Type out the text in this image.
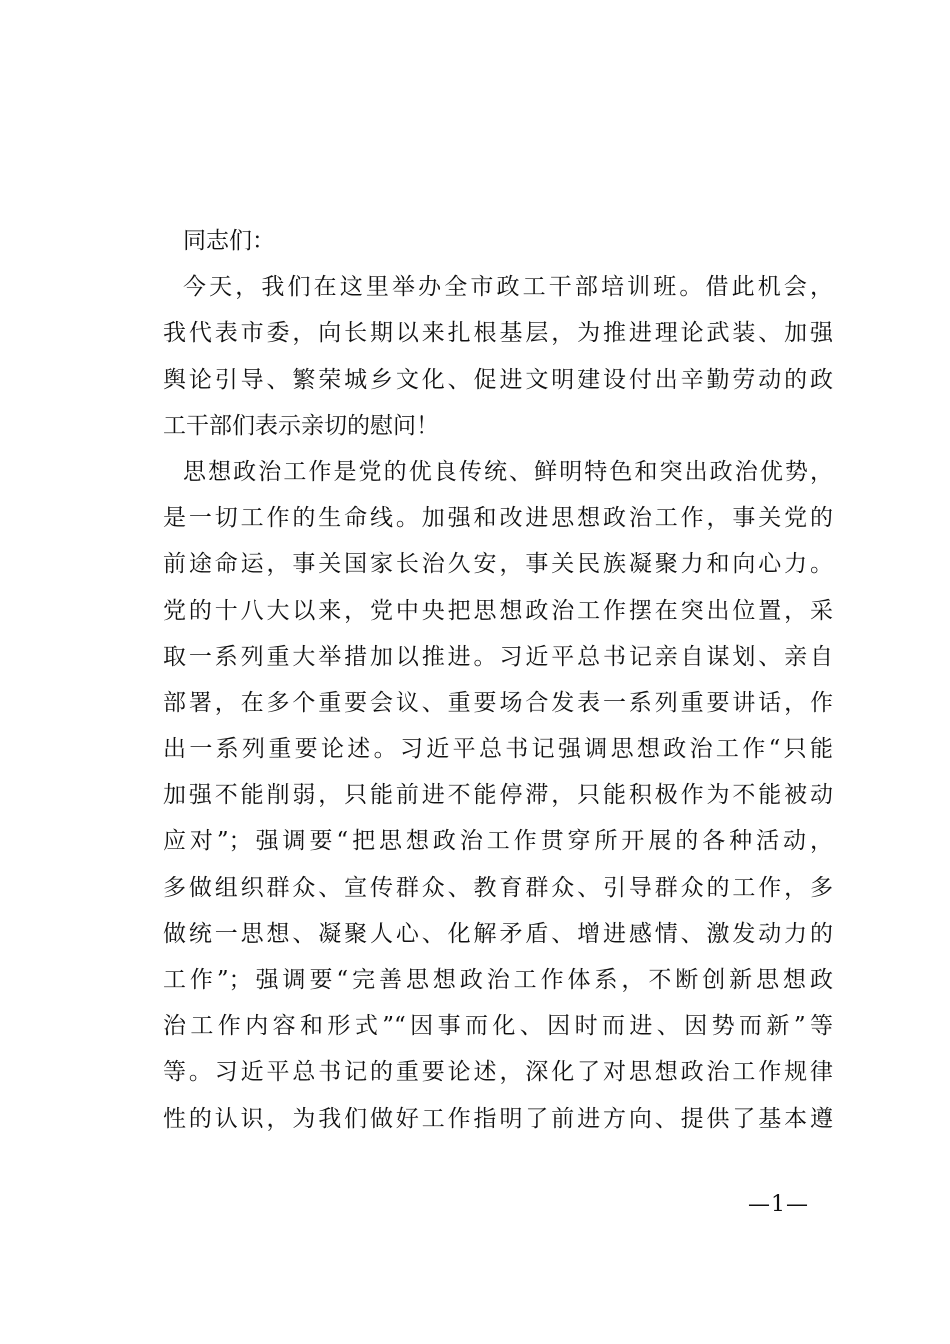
同志们：
今天，我们在这里举办全市政工干部培训班。借此机会，
我代表市委，向长期以来扎根基层，为推进理论武装、加强
舆论引导、繁荣城乡文化、促进文明建设付出辛勤劳动的政
工干部们表示亲切的慰问！
思想政治工作是党的优良传统、鲜明特色和突出政治优势，
是一切工作的生命线。加强和改进思想政治工作，事关党的
前途命运，事关国家长治久安，事关民族凝聚力和向心力。
党的十八大以来，党中央把思想政治工作摆在突出位置，采
取一系列重大举措加以推进。习近平总书记亲自谋划、亲自
部署，在多个重要会议、重要场合发表一系列重要讲话，作
出一系列重要论述。习近平总书记强调思想政治工作“只能
加强不能削弱，只能前进不能停滞，只能积极作为不能被动
应对”；强调要“把思想政治工作贯穿所开展的各种活动，
多做组织群众、宣传群众、教育群众、引导群众的工作，多
做统一思想、凝聚人心、化解矛盾、增进感情、激发动力的
工作”；强调要“完善思想政治工作体系，不断创新思想政
治工作内容和形式”“因事而化、因时而进、因势而新”等
等。习近平总书记的重要论述，深化了对思想政治工作规律
性的认识，为我们做好工作指明了前进方向、提供了基本遵
—1—
